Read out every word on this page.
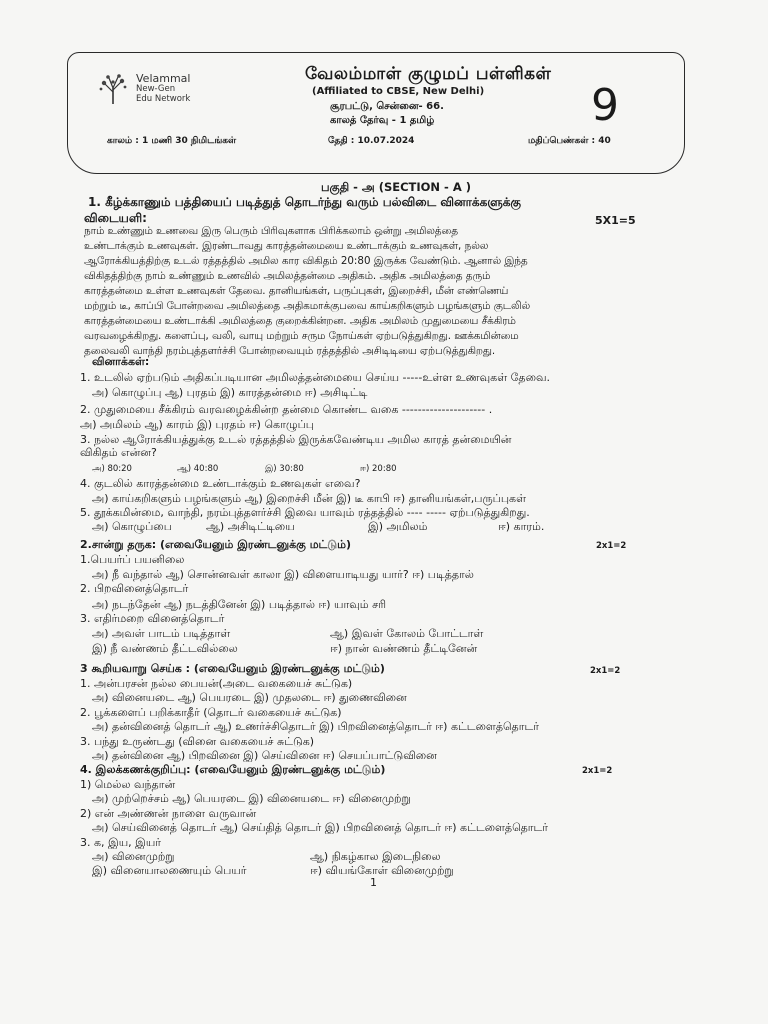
Velammal
New-Gen
Edu Network
வேலம்மாள் குழுமப் பள்ளிகள்
(Affiliated to CBSE, New Delhi)
சூரபட்டு, சென்னை- 66.
காலத் தேர்வு - 1 தமிழ்	9
காலம் : 1 மணி 30 நிமிடங்கள்	தேதி : 10.07.2024	மதிப்பெண்கள் : 40
பகுதி - அ (SECTION - A )
1. கீழ்க்காணும் பத்தியைப் படித்துத் தொடர்ந்து வரும் பல்விடை வினாக்களுக்கு
விடையளி:	5X1=5
நாம் உண்ணும் உணவை இரு பெரும் பிரிவுகளாக பிரிக்கலாம் ஒன்று அமிலத்தை
உண்டாக்கும் உணவுகள். இரண்டாவது காரத்தன்மையை உண்டாக்கும் உணவுகள், நல்ல
ஆரோக்கியத்திற்கு உடல் ரத்தத்தில் அமில கார விகிதம் 20:80 இருக்க வேண்டும். ஆனால் இந்த
விகிதத்திற்கு நாம் உண்ணும் உணவில் அமிலத்தன்மை அதிகம். அதிக அமிலத்தை தரும்
காரத்தன்மை உள்ள உணவுகள் தேவை. தானியங்கள், பருப்புகள், இறைச்சி, மீன் எண்ணெய்
மற்றும் டீ, காப்பி போன்றவை அமிலத்தை அதிகமாக்குபவை காய்கறிகளும் பழங்களும் குடலில்
காரத்தன்மையை உண்டாக்கி அமிலத்தை குறைக்கின்றன. அதிக அமிலம் முதுமையை சீக்கிரம்
வரவழைக்கிறது. களைப்பு, வலி, வாயு மற்றும் சரும நோய்கள் ஏற்படுத்துகிறது. ஊக்கமின்மை
தலைவலி வாந்தி நரம்புத்தளர்ச்சி போன்றவையும் ரத்தத்தில் அசிடிடியை ஏற்படுத்துகிறது.
வினாக்கள்:
1. உடலில் ஏற்படும் அதிகப்படியான அமிலத்தன்மையை செய்ய -----உள்ள உணவுகள் தேவை.
அ) கொழுப்பு ஆ) புரதம் இ) காரத்தன்மை ஈ) அசிடிட்டி
2. முதுமையை சீக்கிரம் வரவழைக்கின்ற தன்மை கொண்ட வகை --------------------- .
அ) அமிலம் ஆ) காரம் இ) புரதம் ஈ) கொழுப்பு
3. நல்ல ஆரோக்கியத்துக்கு உடல் ரத்தத்தில் இருக்கவேண்டிய அமில காரத் தன்மையின்
விகிதம் என்ன?
அ) 80:20	ஆ) 40:80	இ) 30:80	ஈ) 20:80
4. குடலில் காரத்தன்மை உண்டாக்கும் உணவுகள் எவை?
அ) காய்கறிகளும் பழங்களும் ஆ) இறைச்சி மீன் இ) டீ காபி ஈ) தானியங்கள்,பருப்புகள்
5. தூக்கமின்மை, வாந்தி, நரம்புத்தளர்ச்சி இவை யாவும் ரத்தத்தில் ---- ----- ஏற்படுத்துகிறது.
அ) கொழுப்பை	ஆ) அசிடிட்டியை	இ) அமிலம்	ஈ) காரம்.
2.சான்று தருக: (எவையேனும் இரண்டனுக்கு மட்டும்)	2x1=2
1.பெயர்ப் பயனிலை
அ) நீ வந்தால் ஆ) சொன்னவள் காலா இ) விளையாடியது யார்? ஈ) படித்தால்
2. பிறவினைத்தொடர்
அ) நடந்தேன் ஆ) நடத்தினேன் இ) படித்தால் ஈ) யாவும் சரி
3. எதிர்மறை வினைத்தொடர்
அ) அவள் பாடம் படித்தாள்	ஆ) இவள் கோலம் போட்டாள்
இ) நீ வண்ணம் தீட்டவில்லை	ஈ) நான் வண்ணம் தீட்டினேன்
3 கூறியவாறு செய்க : (எவையேனும் இரண்டனுக்கு மட்டும்)	2x1=2
1. அன்பரசன் நல்ல பையன்(அடை வகையைச் சுட்டுக)
அ) வினையடை ஆ) பெயரடை இ) முதலடை ஈ) துணைவினை
2. பூக்களைப் பறிக்காதீர் (தொடர் வகையைச் சுட்டுக)
அ) தன்வினைத் தொடர் ஆ) உணர்ச்சிதொடர் இ) பிறவினைத்தொடர் ஈ) கட்டளைத்தொடர்
3. பந்து உருண்டது (வினை வகையைச் சுட்டுக)
அ) தன்வினை ஆ) பிறவினை இ) செய்வினை ஈ) செயப்பாட்டுவினை
4. இலக்கணக்குறிப்பு: (எவையேனும் இரண்டனுக்கு மட்டும்)	2x1=2
1) மெல்ல வந்தான்
அ) முற்றெச்சம் ஆ) பெயரடை இ) வினையடை ஈ) வினைமுற்று
2) என் அண்ணன் நாளை வருவான்
அ) செய்வினைத் தொடர் ஆ) செய்தித் தொடர் இ) பிறவினைத் தொடர் ஈ) கட்டளைத்தொடர்
3. க, இய, இயர்
அ) வினைமுற்று	ஆ) நிகழ்கால இடைநிலை
இ) வினையாலணையும் பெயர்	ஈ) வியங்கோள் வினைமுற்று
1
